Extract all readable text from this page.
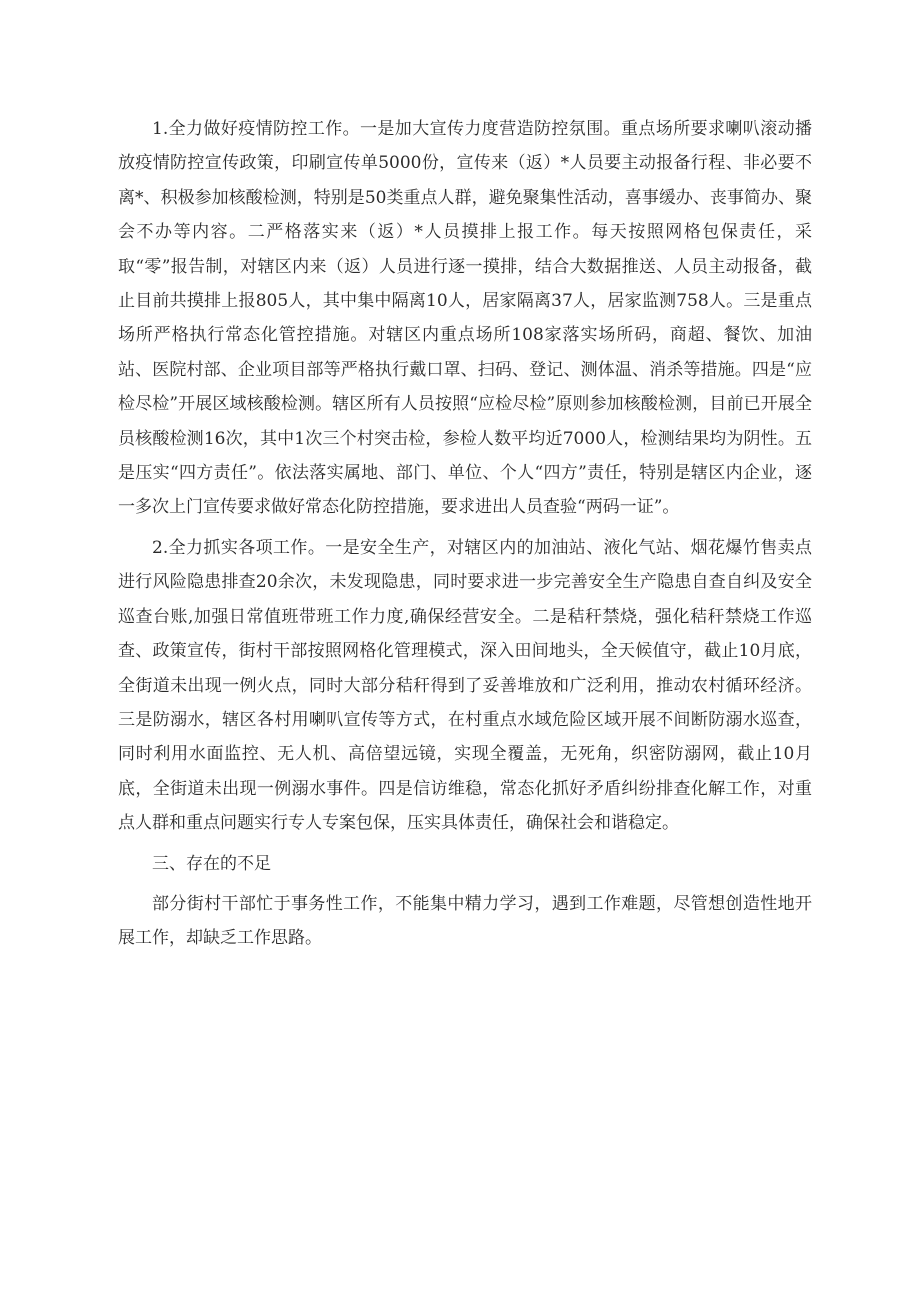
1.全力做好疫情防控工作。一是加大宣传力度营造防控氛围。重点场所要求喇叭滚动播放疫情防控宣传政策，印刷宣传单5000份，宣传来（返）*人员要主动报备行程、非必要不离*、积极参加核酸检测，特别是50类重点人群，避免聚集性活动，喜事缓办、丧事简办、聚会不办等内容。二严格落实来（返）*人员摸排上报工作。每天按照网格包保责任，采取“零”报告制，对辖区内来（返）人员进行逐一摸排，结合大数据推送、人员主动报备，截止目前共摸排上报805人，其中集中隔离10人，居家隔离37人，居家监测758人。三是重点场所严格执行常态化管控措施。对辖区内重点场所108家落实场所码，商超、餐饮、加油站、医院村部、企业项目部等严格执行戴口罩、扫码、登记、测体温、消杀等措施。四是“应检尽检”开展区域核酸检测。辖区所有人员按照“应检尽检”原则参加核酸检测，目前已开展全员核酸检测16次，其中1次三个村突击检，参检人数平均近7000人，检测结果均为阴性。五是压实“四方责任”。依法落实属地、部门、单位、个人“四方”责任，特别是辖区内企业，逐一多次上门宣传要求做好常态化防控措施，要求进出人员查验“两码一证”。

2.全力抓实各项工作。一是安全生产，对辖区内的加油站、液化气站、烟花爆竹售卖点进行风险隐患排查20余次，未发现隐患，同时要求进一步完善安全生产隐患自查自纠及安全巡查台账,加强日常值班带班工作力度,确保经营安全。二是秸秆禁烧，强化秸秆禁烧工作巡查、政策宣传，街村干部按照网格化管理模式，深入田间地头，全天候值守，截止10月底，全街道未出现一例火点，同时大部分秸秆得到了妥善堆放和广泛利用，推动农村循环经济。三是防溺水，辖区各村用喇叭宣传等方式，在村重点水域危险区域开展不间断防溺水巡查，同时利用水面监控、无人机、高倍望远镜，实现全覆盖，无死角，织密防溺网，截止10月底，全街道未出现一例溺水事件。四是信访维稳，常态化抓好矛盾纠纷排查化解工作，对重点人群和重点问题实行专人专案包保，压实具体责任，确保社会和谐稳定。

三、存在的不足

部分街村干部忙于事务性工作，不能集中精力学习，遇到工作难题，尽管想创造性地开展工作，却缺乏工作思路。
